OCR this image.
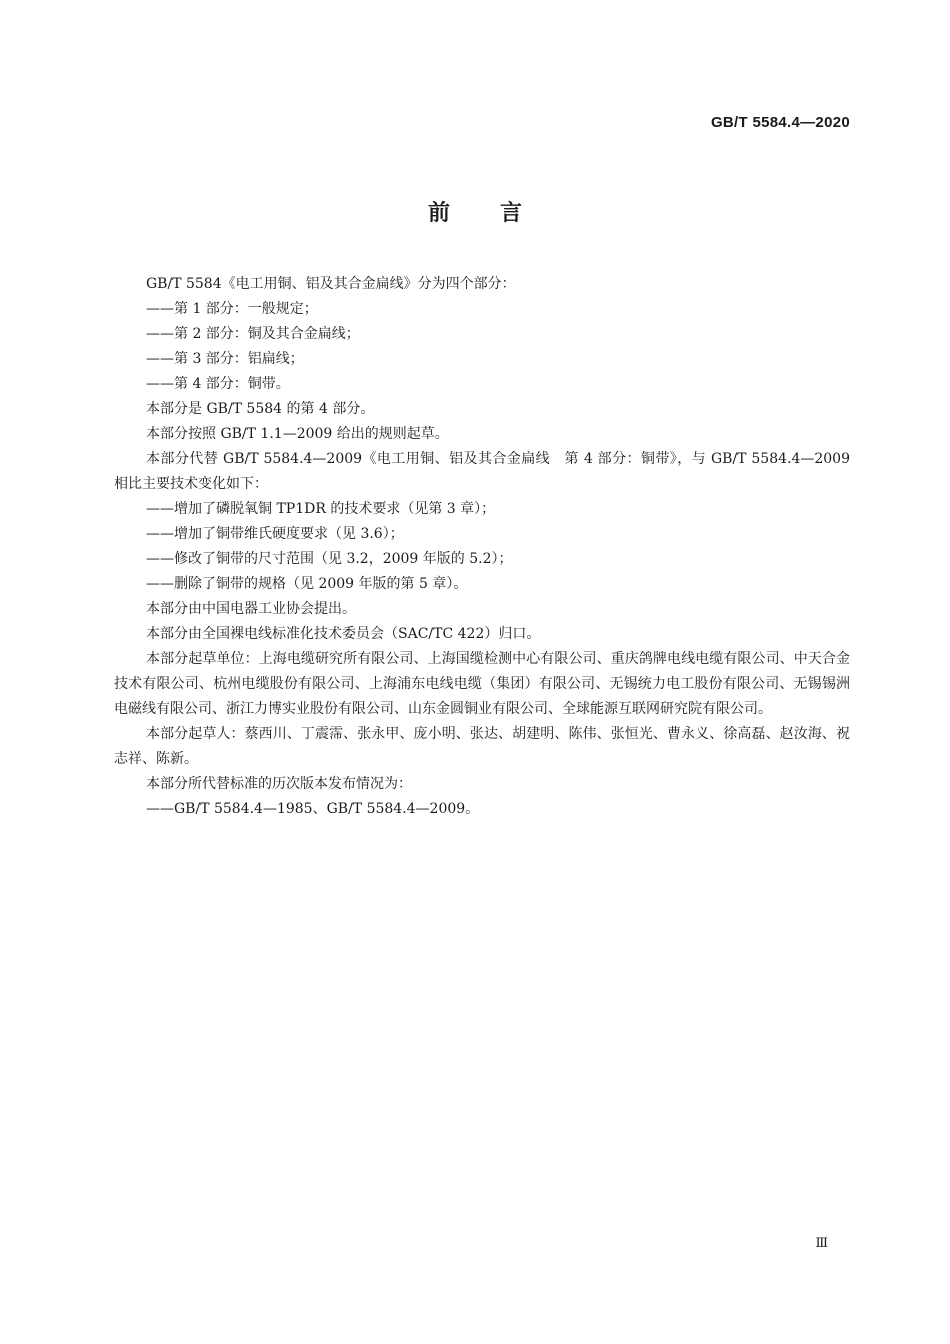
GB/T 5584.4—2020
前言

GB/T 5584《电工用铜、铝及其合金扁线》分为四个部分：

——第 1 部分：一般规定；

——第 2 部分：铜及其合金扁线；

——第 3 部分：铝扁线；

——第 4 部分：铜带。

本部分是 GB/T 5584 的第 4 部分。

本部分按照 GB/T 1.1—2009 给出的规则起草。

本部分代替 GB/T 5584.4—2009《电工用铜、铝及其合金扁线　第 4 部分：铜带》，与 GB/T 5584.4—2009 相比主要技术变化如下：

——增加了磷脱氧铜 TP1DR 的技术要求（见第 3 章）；

——增加了铜带维氏硬度要求（见 3.6）；

——修改了铜带的尺寸范围（见 3.2，2009 年版的 5.2）；

——删除了铜带的规格（见 2009 年版的第 5 章）。

本部分由中国电器工业协会提出。

本部分由全国裸电线标准化技术委员会（SAC/TC 422）归口。

本部分起草单位：上海电缆研究所有限公司、上海国缆检测中心有限公司、重庆鸽牌电线电缆有限公司、中天合金技术有限公司、杭州电缆股份有限公司、上海浦东电线电缆（集团）有限公司、无锡统力电工股份有限公司、无锡锡洲电磁线有限公司、浙江力博实业股份有限公司、山东金圆铜业有限公司、全球能源互联网研究院有限公司。

本部分起草人：蔡西川、丁震霈、张永甲、庞小明、张达、胡建明、陈伟、张恒光、曹永义、徐高磊、赵汝海、祝志祥、陈新。

本部分所代替标准的历次版本发布情况为：

——GB/T 5584.4—1985、GB/T 5584.4—2009。

Ⅲ
